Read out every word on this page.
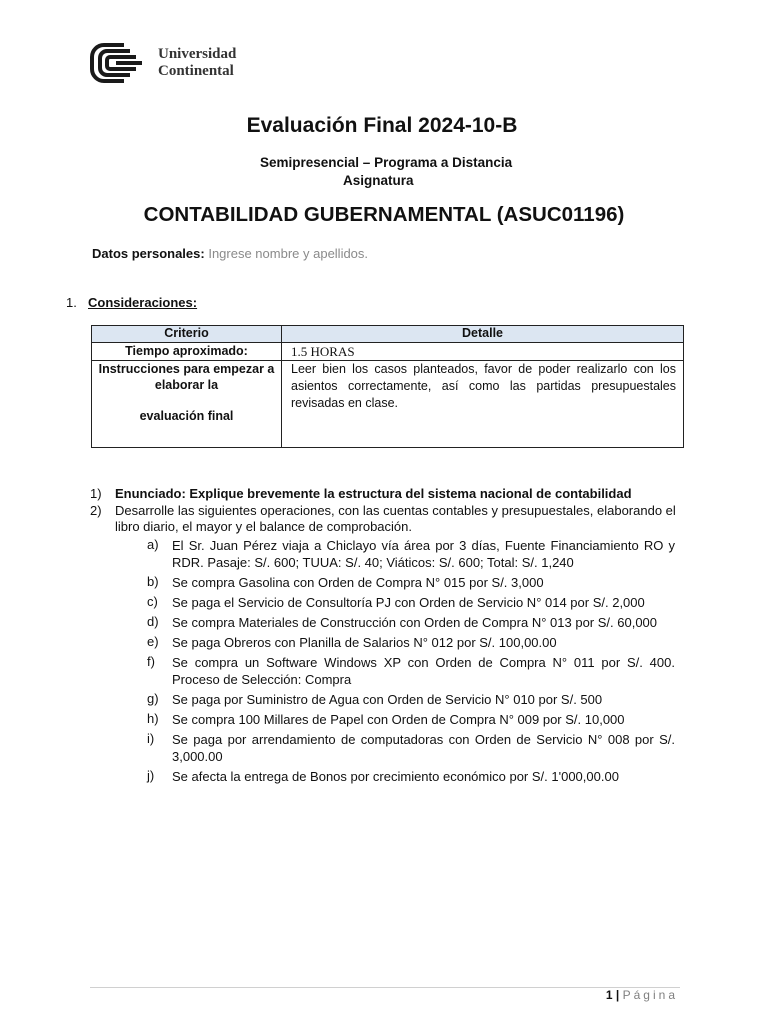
Universidad
Continental
Evaluación Final 2024-10-B
Semipresencial – Programa a Distancia
Asignatura
CONTABILIDAD GUBERNAMENTAL (ASUC01196)
Datos personales: Ingrese nombre y apellidos.
1. Consideraciones:
Criterio	Detalle
Tiempo aproximado:	1.5 HORAS
Instrucciones para empezar a elaborar la
evaluación final	Leer bien los casos planteados, favor de poder realizarlo con los asientos correctamente, así como las partidas presupuestales revisadas en clase.
1)	Enunciado: Explique brevemente la estructura del sistema nacional de contabilidad
2)	Desarrolle las siguientes operaciones, con las cuentas contables y presupuestales, elaborando el libro diario, el mayor y el balance de comprobación.
a)	El Sr. Juan Pérez viaja a Chiclayo vía área por 3 días, Fuente Financiamiento RO y RDR. Pasaje: S/. 600; TUUA: S/. 40; Viáticos: S/. 600; Total: S/. 1,240
b)	Se compra Gasolina con Orden de Compra N° 015 por S/. 3,000
c)	Se paga el Servicio de Consultoría PJ con Orden de Servicio N° 014 por S/. 2,000
d)	Se compra Materiales de Construcción con Orden de Compra N° 013 por S/. 60,000
e)	Se paga Obreros con Planilla de Salarios N° 012 por S/. 100,00.00
f)	Se compra un Software Windows XP con Orden de Compra N° 011 por S/. 400. Proceso de Selección: Compra
g)	Se paga por Suministro de Agua con Orden de Servicio N° 010 por S/. 500
h)	Se compra 100 Millares de Papel con Orden de Compra N° 009 por S/. 10,000
i)	Se paga por arrendamiento de computadoras con Orden de Servicio N° 008 por S/. 3,000.00
j)	Se afecta la entrega de Bonos por crecimiento económico por S/. 1'000,00.00
1 | Página
